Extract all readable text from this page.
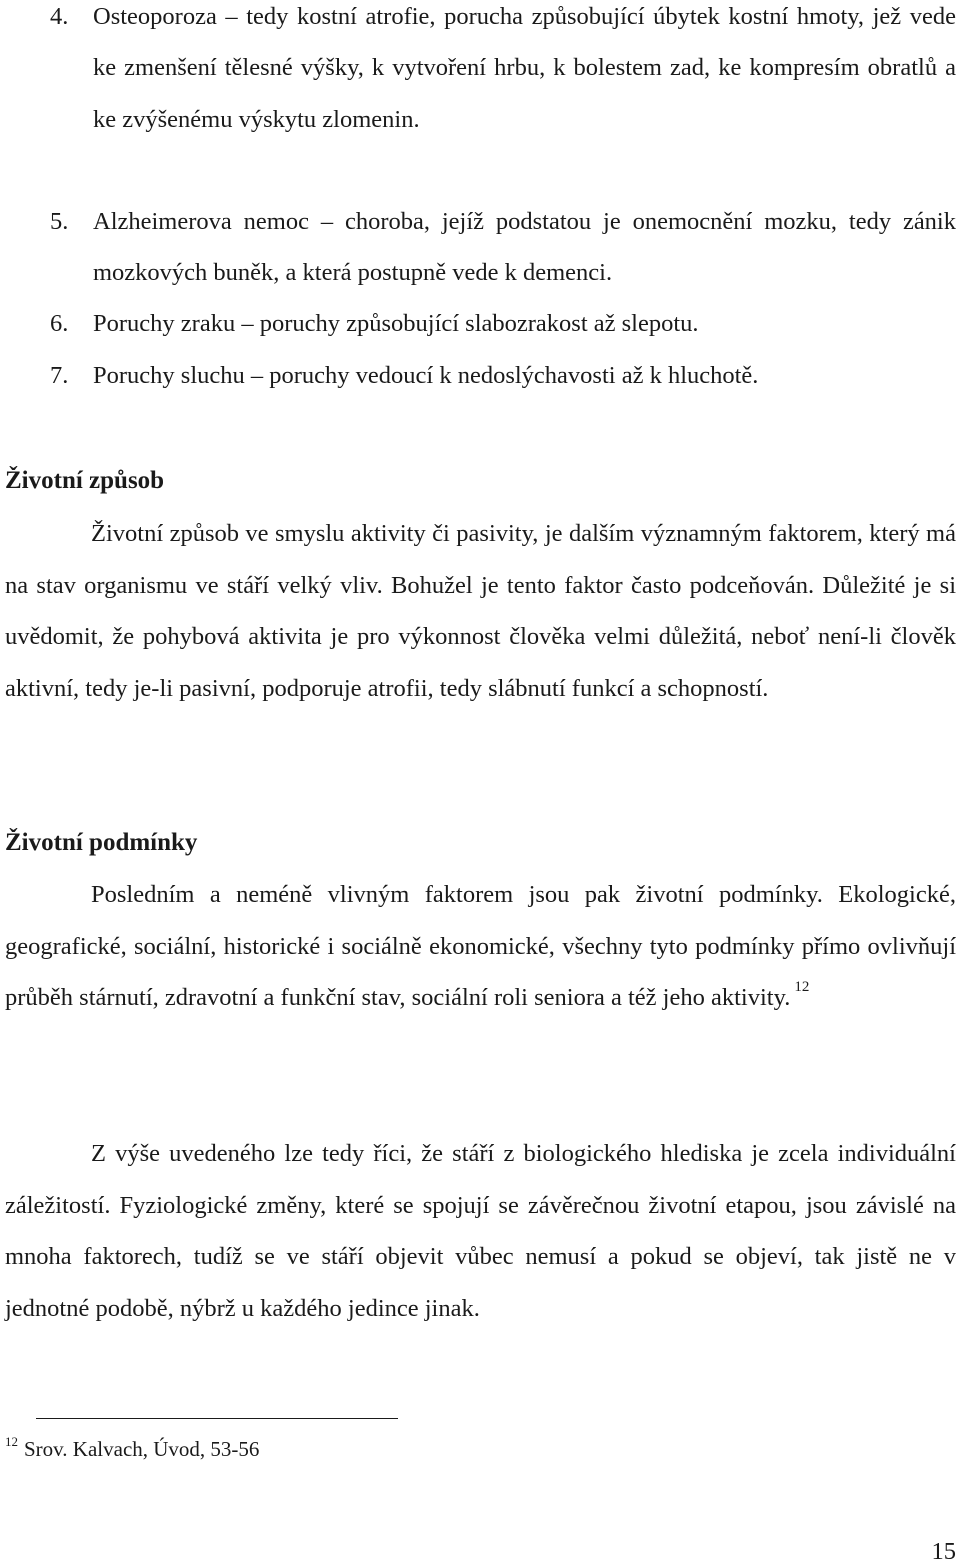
4. Osteoporoza – tedy kostní atrofie, porucha způsobující úbytek kostní hmoty, jež vede ke zmenšení tělesné výšky, k vytvoření hrbu, k bolestem zad, ke kompresím obratlů a ke zvýšenému výskytu zlomenin.
5. Alzheimerova nemoc – choroba, jejíž podstatou je onemocnění mozku, tedy zánik mozkových buněk, a která postupně vede k demenci.
6. Poruchy zraku – poruchy způsobující slabozrakost až slepotu.
7. Poruchy sluchu – poruchy vedoucí k nedoslýchavosti až k hluchotě.
Životní způsob

Životní způsob ve smyslu aktivity či pasivity, je dalším významným faktorem, který má na stav organismu ve stáří velký vliv. Bohužel je tento faktor často podceňován. Důležité je si uvědomit, že pohybová aktivita je pro výkonnost člověka velmi důležitá, neboť není-li člověk aktivní, tedy je-li pasivní, podporuje atrofii, tedy slábnutí funkcí a schopností.

Životní podmínky

Posledním a neméně vlivným faktorem jsou pak životní podmínky. Ekologické, geografické, sociální, historické i sociálně ekonomické, všechny tyto podmínky přímo ovlivňují průběh stárnutí, zdravotní a funkční stav, sociální roli seniora a též jeho aktivity. $^{12}$

Z výše uvedeného lze tedy říci, že stáří z biologického hlediska je zcela individuální záležitostí. Fyziologické změny, které se spojují se závěrečnou životní etapou, jsou závislé na mnoha faktorech, tudíž se ve stáří objevit vůbec nemusí a pokud se objeví, tak jistě ne v jednotné podobě, nýbrž u každého jedince jinak.

$^{12}$ Srov. Kalvach, Úvod, 53-56
15
